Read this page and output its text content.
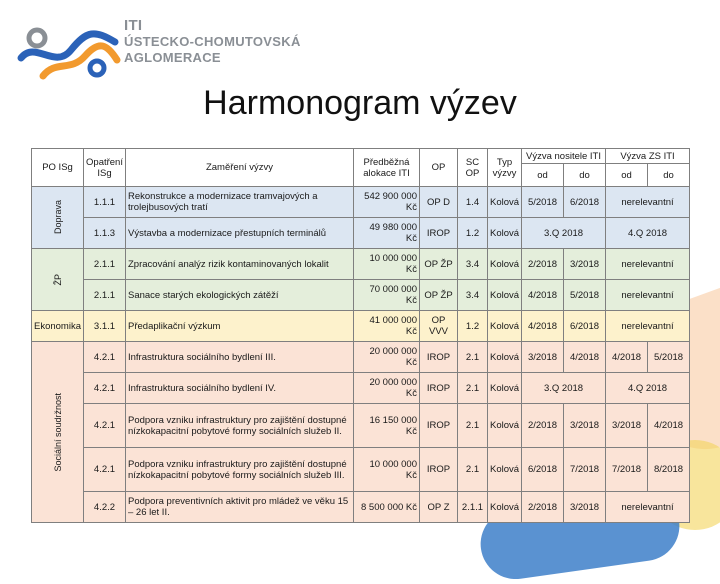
ITI
ÚSTECKO-CHOMUTOVSKÁ
AGLOMERACE
Harmonogram výzev
PO ISg	Opatření ISg	Zaměření výzvy	Předběžná alokace ITI	OP	SC OP	Typ výzvy	Výzva nositele ITI		Výzva ZS ITI	
							od	do	od	do

Doprava	1.1.1	Rekonstrukce a modernizace tramvajových a trolejbusových tratí	542 900 000 Kč	OP D	1.4	Kolová	5/2018	6/2018	nerelevantní	
	1.1.3	Výstavba a modernizace přestupních terminálů	49 980 000 Kč	IROP	1.2	Kolová	3.Q 2018		4.Q 2018	

ŽP	2.1.1	Zpracování analýz rizik kontaminovaných lokalit	10 000 000 Kč	OP ŽP	3.4	Kolová	2/2018	3/2018	nerelevantní	
	2.1.1	Sanace starých ekologických zátěží	70 000 000 Kč	OP ŽP	3.4	Kolová	4/2018	5/2018	nerelevantní	
Ekonomika	3.1.1	Předaplikační výzkum	41 000 000 Kč	OP VVV	1.2	Kolová	4/2018	6/2018	nerelevantní	

Sociální soudržnost	4.2.1	Infrastruktura sociálního bydlení III.	20 000 000 Kč	IROP	2.1	Kolová	3/2018	4/2018	4/2018	5/2018
	4.2.1	Infrastruktura sociálního bydlení IV.	20 000 000 Kč	IROP	2.1	Kolová	3.Q 2018		4.Q 2018	
	4.2.1	Podpora vzniku infrastruktury pro zajištění dostupné nízkokapacitní pobytové formy sociálních služeb II.	16 150 000 Kč	IROP	2.1	Kolová	2/2018	3/2018	3/2018	4/2018
	4.2.1	Podpora vzniku infrastruktury pro zajištění dostupné nízkokapacitní pobytové formy sociálních služeb III.	10 000 000 Kč	IROP	2.1	Kolová	6/2018	7/2018	7/2018	8/2018
	4.2.2	Podpora preventivních aktivit pro mládež ve věku 15 – 26 let II.	8 500 000 Kč	OP Z	2.1.1	Kolová	2/2018	3/2018	nerelevantní	
